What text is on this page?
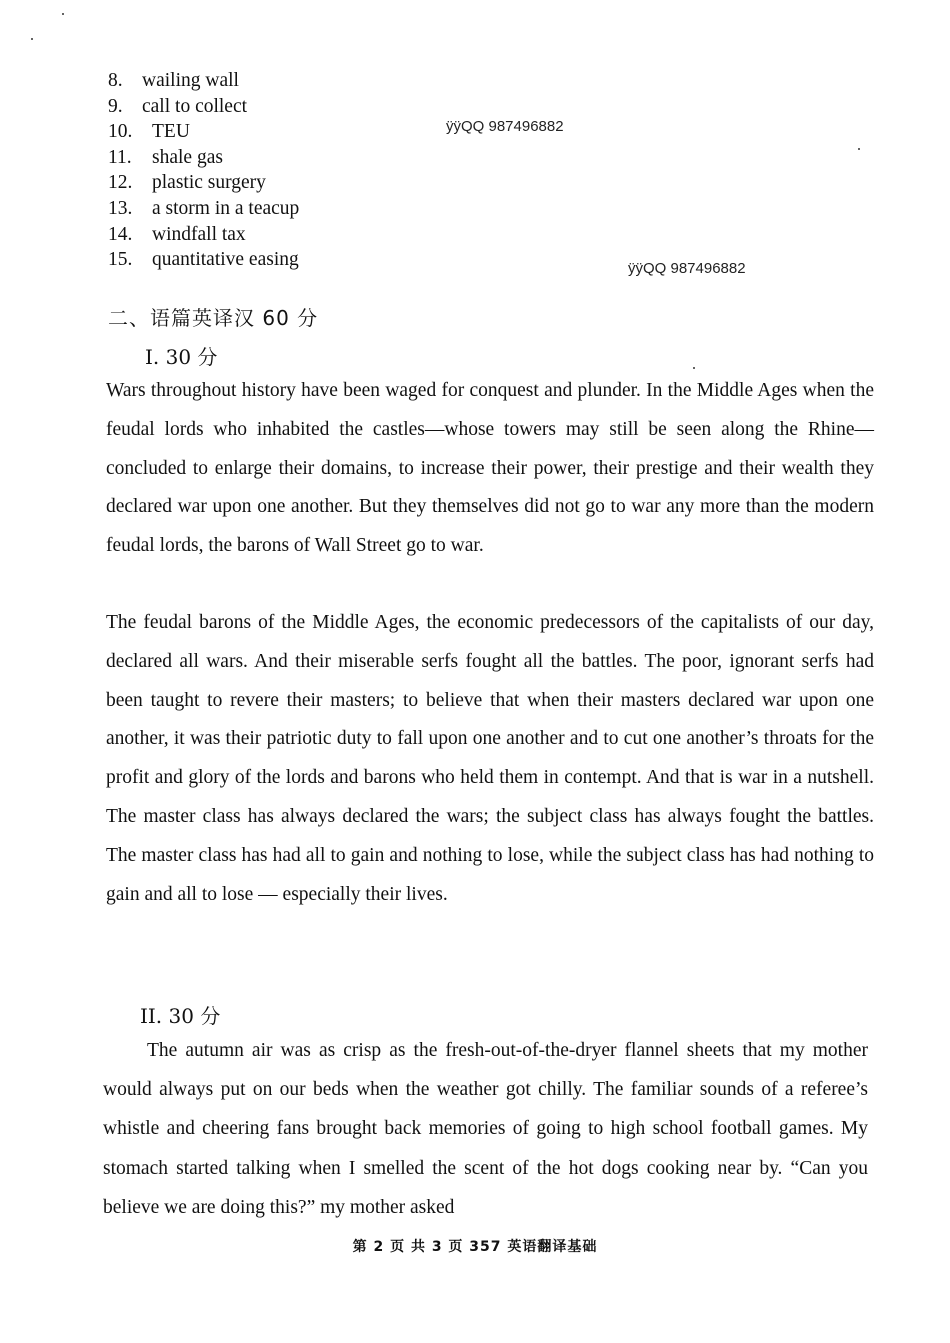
8. wailing wall
9. call to collect
10.	TEU
11.	shale gas
12.	plastic surgery
13.	a storm in a teacup
14.	windfall tax
15.	quantitative easing
ÿÿQQ 987496882
ÿÿQQ 987496882
二、语篇英译汉 60 分
I. 30 分
Wars throughout history have been waged for conquest and plunder. In the Middle Ages when the feudal lords who inhabited the castles—whose towers may still be seen along the Rhine—concluded to enlarge their domains, to increase their power, their prestige and their wealth they declared war upon one another. But they themselves did not go to war any more than the modern feudal lords, the barons of Wall Street go to war.
The feudal barons of the Middle Ages, the economic predecessors of the capitalists of our day, declared all wars. And their miserable serfs fought all the battles. The poor, ignorant serfs had been taught to revere their masters; to believe that when their masters declared war upon one another, it was their patriotic duty to fall upon one another and to cut one another’s throats for the profit and glory of the lords and barons who held them in contempt. And that is war in a nutshell. The master class has always declared the wars; the subject class has always fought the battles. The master class has had all to gain and nothing to lose, while the subject class has had nothing to gain and all to lose — especially their lives.
II. 30 分
The autumn air was as crisp as the fresh-out-of-the-dryer flannel sheets that my mother would always put on our beds when the weather got chilly. The familiar sounds of a referee’s whistle and cheering fans brought back memories of going to high school football games. My stomach started talking when I smelled the scent of the hot dogs cooking near by. “Can you believe we are doing this?” my mother asked
第 2 页 共 3 页 357 英语翻译基础
